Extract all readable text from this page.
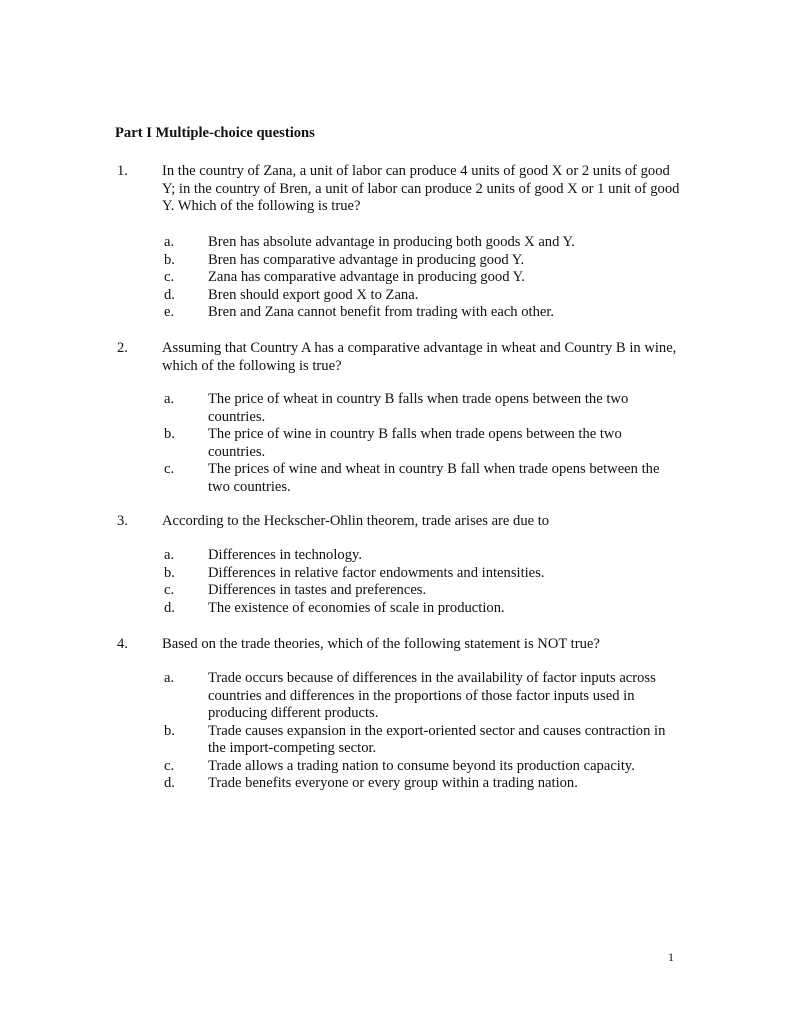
Part I Multiple-choice questions
1. In the country of Zana, a unit of labor can produce 4 units of good X or 2 units of good Y; in the country of Bren, a unit of labor can produce 2 units of good X or 1 unit of good Y. Which of the following is true?
a. Bren has absolute advantage in producing both goods X and Y.
b. Bren has comparative advantage in producing good Y.
c. Zana has comparative advantage in producing good Y.
d. Bren should export good X to Zana.
e. Bren and Zana cannot benefit from trading with each other.
2. Assuming that Country A has a comparative advantage in wheat and Country B in wine, which of the following is true?
a. The price of wheat in country B falls when trade opens between the two countries.
b. The price of wine in country B falls when trade opens between the two countries.
c. The prices of wine and wheat in country B fall when trade opens between the two countries.
3. According to the Heckscher-Ohlin theorem, trade arises are due to
a. Differences in technology.
b. Differences in relative factor endowments and intensities.
c. Differences in tastes and preferences.
d. The existence of economies of scale in production.
4. Based on the trade theories, which of the following statement is NOT true?
a. Trade occurs because of differences in the availability of factor inputs across countries and differences in the proportions of those factor inputs used in producing different products.
b. Trade causes expansion in the export-oriented sector and causes contraction in the import-competing sector.
c. Trade allows a trading nation to consume beyond its production capacity.
d. Trade benefits everyone or every group within a trading nation.
1
